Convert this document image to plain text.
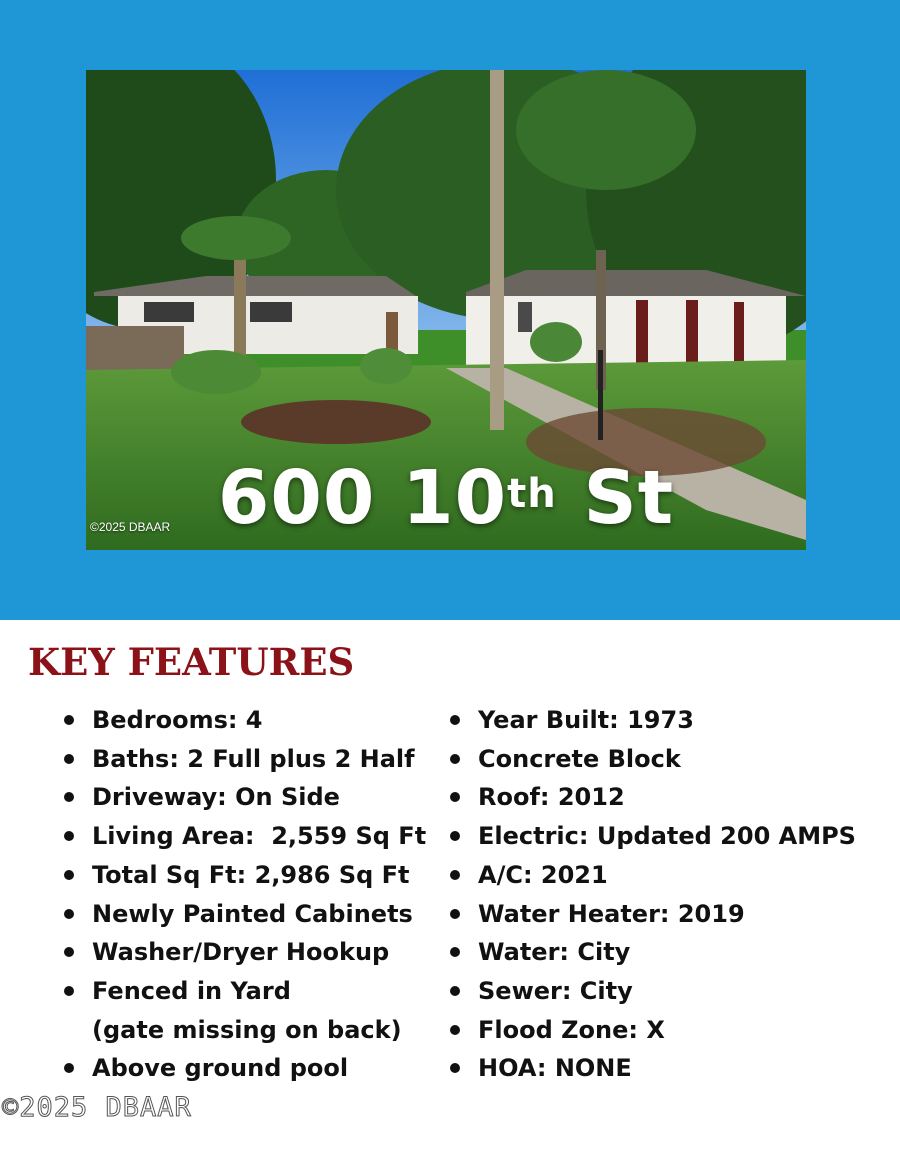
600 10th St
©2025 DBAAR
KEY FEATURES
Bedrooms: 4
Baths: 2 Full plus 2 Half
Driveway: On Side
Living Area:  2,559 Sq Ft
Total Sq Ft: 2,986 Sq Ft
Newly Painted Cabinets
Washer/Dryer Hookup
Fenced in Yard
(gate missing on back)
Above ground pool
Year Built: 1973
Concrete Block
Roof: 2012
Electric: Updated 200 AMPS
A/C: 2021
Water Heater: 2019
Water: City
Sewer: City
Flood Zone: X
HOA: NONE
©2025 DBAAR
